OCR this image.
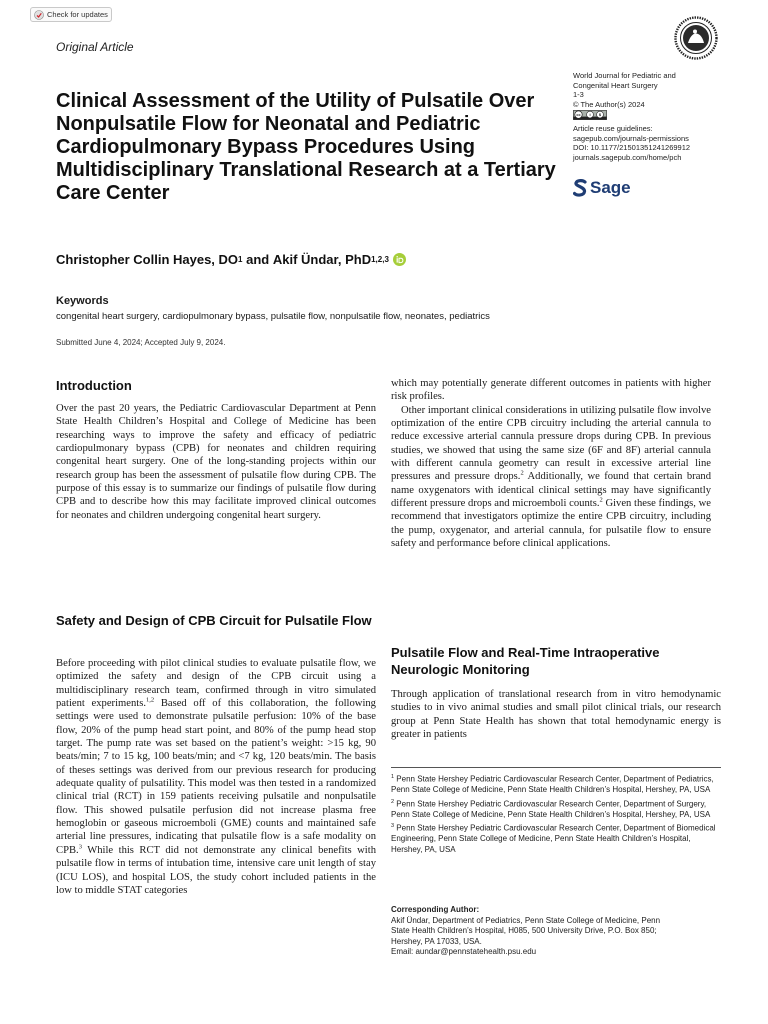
Check for updates
Original Article
World Journal for Pediatric and
Congenital Heart Surgery
1-3
© The Author(s) 2024
cc i $
Article reuse guidelines:
sagepub.com/journals-permissions
DOI: 10.1177/21501351241269912
journals.sagepub.com/home/pch
Sage
Clinical Assessment of the Utility of Pulsatile Over Nonpulsatile Flow for Neonatal and Pediatric Cardiopulmonary Bypass Procedures Using Multidisciplinary Translational Research at a Tertiary Care Center
Christopher Collin Hayes, DO 1 and Akif Ündar, PhD 1,2,3
Keywords
congenital heart surgery, cardiopulmonary bypass, pulsatile flow, nonpulsatile flow, neonates, pediatrics
Submitted June 4, 2024; Accepted July 9, 2024.
Introduction

Over the past 20 years, the Pediatric Cardiovascular Department at Penn State Health Children’s Hospital and College of Medicine has been researching ways to improve the safety and efficacy of pediatric cardiopulmonary bypass (CPB) for neonates and children requiring congenital heart surgery. One of the long-standing projects within our research group has been the assessment of pulsatile flow during CPB. The purpose of this essay is to summarize our findings of pulsatile flow during CPB and to describe how this may facilitate improved clinical outcomes for neonates and children undergoing congenital heart surgery.

Safety and Design of CPB Circuit for Pulsatile Flow

Before proceeding with pilot clinical studies to evaluate pulsatile flow, we optimized the safety and design of the CPB circuit using a multidisciplinary research team, confirmed through in vitro simulated patient experiments.$^{1,2}$ Based off of this collaboration, the following settings were used to demonstrate pulsatile perfusion: 10% of the base flow, 20% of the pump head start point, and 80% of the pump head stop target. The pump rate was set based on the patient’s weight: >15 kg, 90 beats/min; 7 to 15 kg, 100 beats/min; and <7 kg, 120 beats/min. The basis of theses settings was derived from our previous research for producing adequate quality of pulsatility. This model was then tested in a randomized clinical trial (RCT) in 159 patients receiving pulsatile and nonpulsatile flow. This showed pulsatile perfusion did not increase plasma free hemoglobin or gaseous microemboli (GME) counts and maintained safe arterial line pressures, indicating that pulsatile flow is a safe modality on CPB.$^3$ While this RCT did not demonstrate any clinical benefits with pulsatile flow in terms of intubation time, intensive care unit length of stay (ICU LOS), and hospital LOS, the study cohort included patients in the low to middle STAT categories

which may potentially generate different outcomes in patients with higher risk profiles.

Other important clinical considerations in utilizing pulsatile flow involve optimization of the entire CPB circuitry including the arterial cannula to reduce excessive arterial cannula pressure drops during CPB. In previous studies, we showed that using the same size (6F and 8F) arterial cannula with different cannula geometry can result in excessive arterial line pressures and pressure drops.$^2$ Additionally, we found that certain brand name oxygenators with identical clinical settings may have significantly different pressure drops and microemboli counts.$^2$ Given these findings, we recommend that investigators optimize the entire CPB circuitry, including the pump, oxygenator, and arterial cannula, for pulsatile flow to ensure safety and performance before clinical applications.

Pulsatile Flow and Real-Time Intraoperative Neurologic Monitoring

Through application of translational research from in vitro hemodynamic studies to in vivo animal studies and small pilot clinical trials, our research group at Penn State Health has shown that total hemodynamic energy is greater in patients

$^1$ Penn State Hershey Pediatric Cardiovascular Research Center, Department of Pediatrics, Penn State College of Medicine, Penn State Health Children’s Hospital, Hershey, PA, USA
$^2$ Penn State Hershey Pediatric Cardiovascular Research Center, Department of Surgery, Penn State College of Medicine, Penn State Health Children’s Hospital, Hershey, PA, USA
$^3$ Penn State Hershey Pediatric Cardiovascular Research Center, Department of Biomedical Engineering, Penn State College of Medicine, Penn State Health Children’s Hospital, Hershey, PA, USA
Corresponding Author:
Akif Ündar, Department of Pediatrics, Penn State College of Medicine, Penn
State Health Children’s Hospital, H085, 500 University Drive, P.O. Box 850;
Hershey, PA 17033, USA.
Email: aundar@pennstatehealth.psu.edu
